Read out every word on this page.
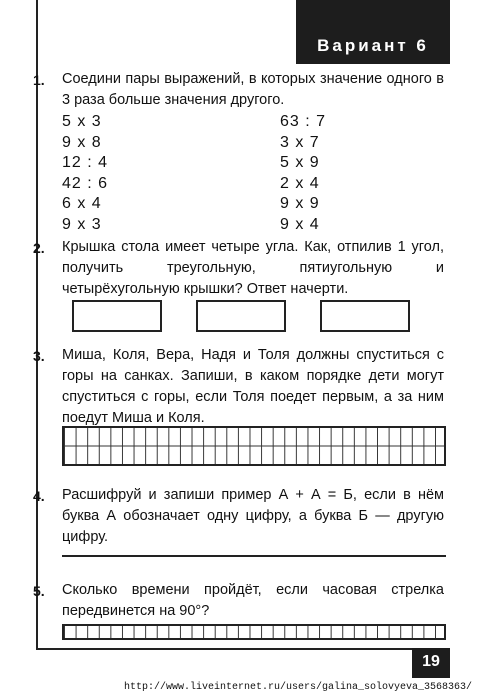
Вариант 6
1. Соедини пары выражений, в которых значение одного в 3 раза больше значения другого.
5 x 3
9 x 8
12 : 4
42 : 6
6 x 4
9 x 3
63 : 7
3 x 7
5 x 9
2 x 4
9 x 9
9 x 4
2. Крышка стола имеет четыре угла. Как, отпилив 1 угол, получить треугольную, пятиугольную и четырёхугольную крышки? Ответ начерти.
3. Миша, Коля, Вера, Надя и Толя должны спуститься с горы на санках. Запиши, в каком порядке дети могут спуститься с горы, если Толя поедет первым, а за ним поедут Миша и Коля.
4. Расшифруй и запиши пример А + А = Б, если в нём буква А обозначает одну цифру, а буква Б — другую цифру.
5. Сколько времени пройдёт, если часовая стрелка передвинется на 90°?
19
http://www.liveinternet.ru/users/galina_solovyeva_3568363/
